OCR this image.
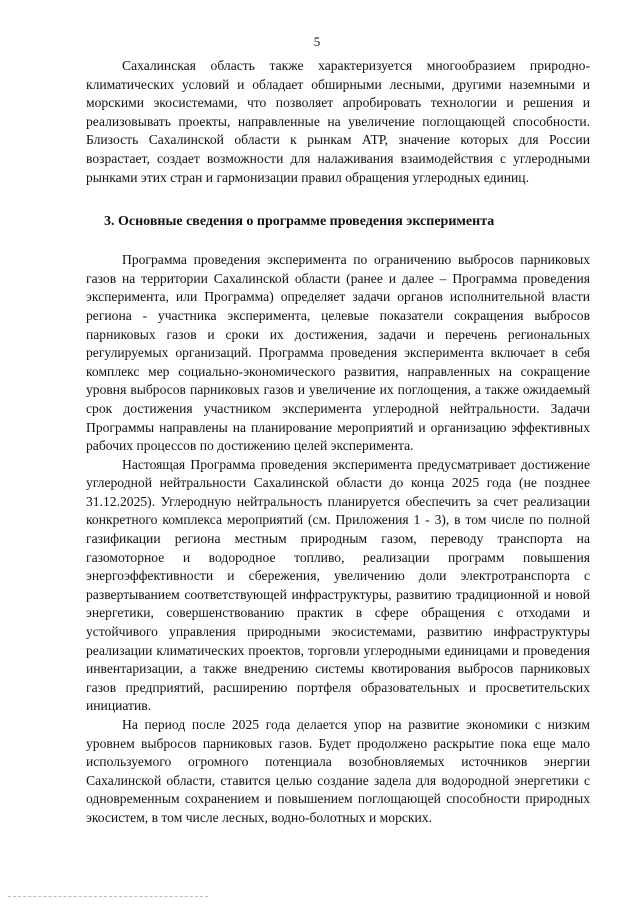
5

Сахалинская область также характеризуется многообразием природно-климатических условий и обладает обширными лесными, другими наземными и морскими экосистемами, что позволяет апробировать технологии и решения и реализовывать проекты, направленные на увеличение поглощающей способности. Близость Сахалинской области к рынкам АТР, значение которых для России возрастает, создает возможности для налаживания взаимодействия с углеродными рынками этих стран и гармонизации правил обращения углеродных единиц.

3. Основные сведения о программе проведения эксперимента

Программа проведения эксперимента по ограничению выбросов парниковых газов на территории Сахалинской области (ранее и далее – Программа проведения эксперимента, или Программа) определяет задачи органов исполнительной власти региона - участника эксперимента, целевые показатели сокращения выбросов парниковых газов и сроки их достижения, задачи и перечень региональных регулируемых организаций. Программа проведения эксперимента включает в себя комплекс мер социально-экономического развития, направленных на сокращение уровня выбросов парниковых газов и увеличение их поглощения, а также ожидаемый срок достижения участником эксперимента углеродной нейтральности. Задачи Программы направлены на планирование мероприятий и организацию эффективных рабочих процессов по достижению целей эксперимента.

Настоящая Программа проведения эксперимента предусматривает достижение углеродной нейтральности Сахалинской области до конца 2025 года (не позднее 31.12.2025). Углеродную нейтральность планируется обеспечить за счет реализации конкретного комплекса мероприятий (см. Приложения 1 - 3), в том числе по полной газификации региона местным природным газом, переводу транспорта на газомоторное и водородное топливо, реализации программ повышения энергоэффективности и сбережения, увеличению доли электротранспорта с развертыванием соответствующей инфраструктуры, развитию традиционной и новой энергетики, совершенствованию практик в сфере обращения с отходами и устойчивого управления природными экосистемами, развитию инфраструктуры реализации климатических проектов, торговли углеродными единицами и проведения инвентаризации, а также внедрению системы квотирования выбросов парниковых газов предприятий, расширению портфеля образовательных и просветительских инициатив.

На период после 2025 года делается упор на развитие экономики с низким уровнем выбросов парниковых газов. Будет продолжено раскрытие пока еще мало используемого огромного потенциала возобновляемых источников энергии Сахалинской области, ставится целью создание задела для водородной энергетики с одновременным сохранением и повышением поглощающей способности природных экосистем, в том числе лесных, водно-болотных и морских.
